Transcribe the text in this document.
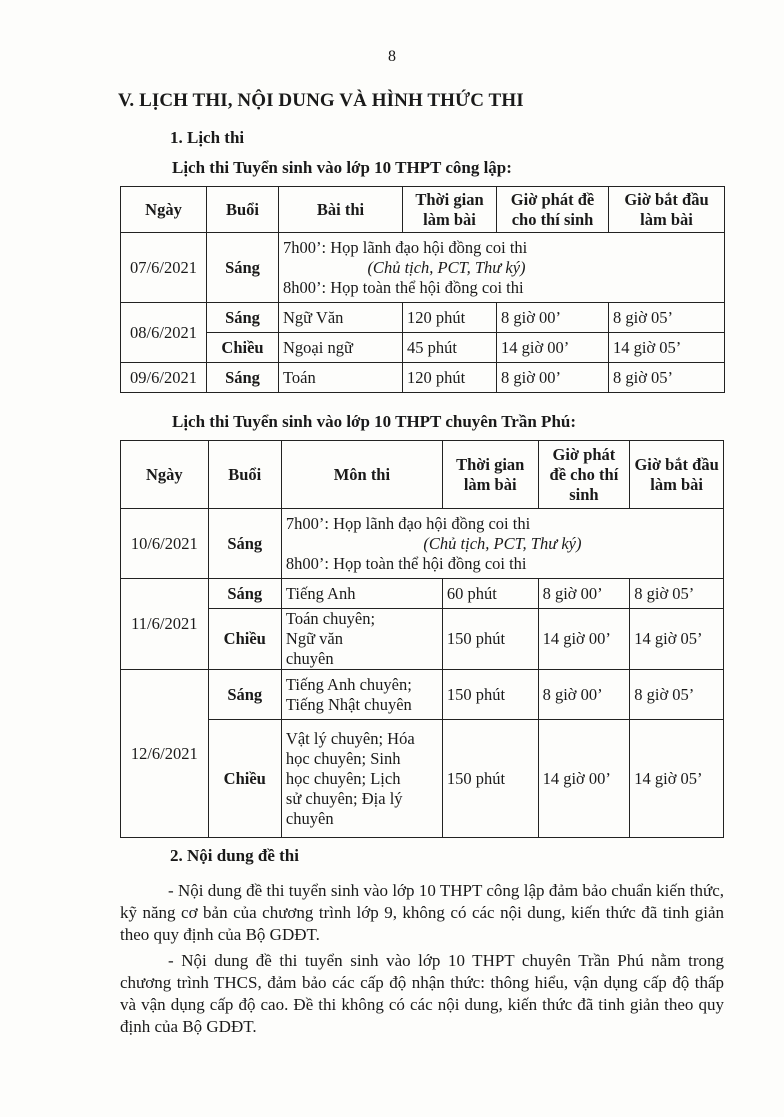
8
V. LỊCH THI, NỘI DUNG VÀ HÌNH THỨC THI
1. Lịch thi
Lịch thi Tuyển sinh vào lớp 10 THPT công lập:
Ngày	Buổi	Bài thi	Thời gian làm bài	Giờ phát đề cho thí sinh	Giờ bắt đầu làm bài
07/6/2021	Sáng	7h00’: Họp lãnh đạo hội đồng coi thi
(Chủ tịch, PCT, Thư ký)
8h00’: Họp toàn thể hội đồng coi thi			

08/6/2021	Sáng	Ngữ Văn	120 phút	8 giờ 00’	8 giờ 05’
	Chiều	Ngoại ngữ	45 phút	14 giờ 00’	14 giờ 05’
09/6/2021	Sáng	Toán	120 phút	8 giờ 00’	8 giờ 05’
Lịch thi Tuyển sinh vào lớp 10 THPT chuyên Trần Phú:
Ngày	Buổi	Môn thi	Thời gian làm bài	Giờ phát đề cho thí sinh	Giờ bắt đầu làm bài
10/6/2021	Sáng	7h00’: Họp lãnh đạo hội đồng coi thi
(Chủ tịch, PCT, Thư ký)
8h00’: Họp toàn thể hội đồng coi thi			

11/6/2021	Sáng	Tiếng Anh	60 phút	8 giờ 00’	8 giờ 05’
	Chiều	Toán chuyên; Ngữ văn chuyên	150 phút	14 giờ 00’	14 giờ 05’
12/6/2021	Sáng	Tiếng Anh chuyên; Tiếng Nhật chuyên	150 phút	8 giờ 00’	8 giờ 05’
	Chiều	Vật lý chuyên; Hóa học chuyên; Sinh học chuyên; Lịch sử chuyên; Địa lý chuyên	150 phút	14 giờ 00’	14 giờ 05’
2. Nội dung đề thi
- Nội dung đề thi tuyển sinh vào lớp 10 THPT công lập đảm bảo chuẩn kiến thức, kỹ năng cơ bản của chương trình lớp 9, không có các nội dung, kiến thức đã tinh giản theo quy định của Bộ GDĐT.
- Nội dung đề thi tuyển sinh vào lớp 10 THPT chuyên Trần Phú nằm trong chương trình THCS, đảm bảo các cấp độ nhận thức: thông hiểu, vận dụng cấp độ thấp và vận dụng cấp độ cao. Đề thi không có các nội dung, kiến thức đã tinh giản theo quy định của Bộ GDĐT.
